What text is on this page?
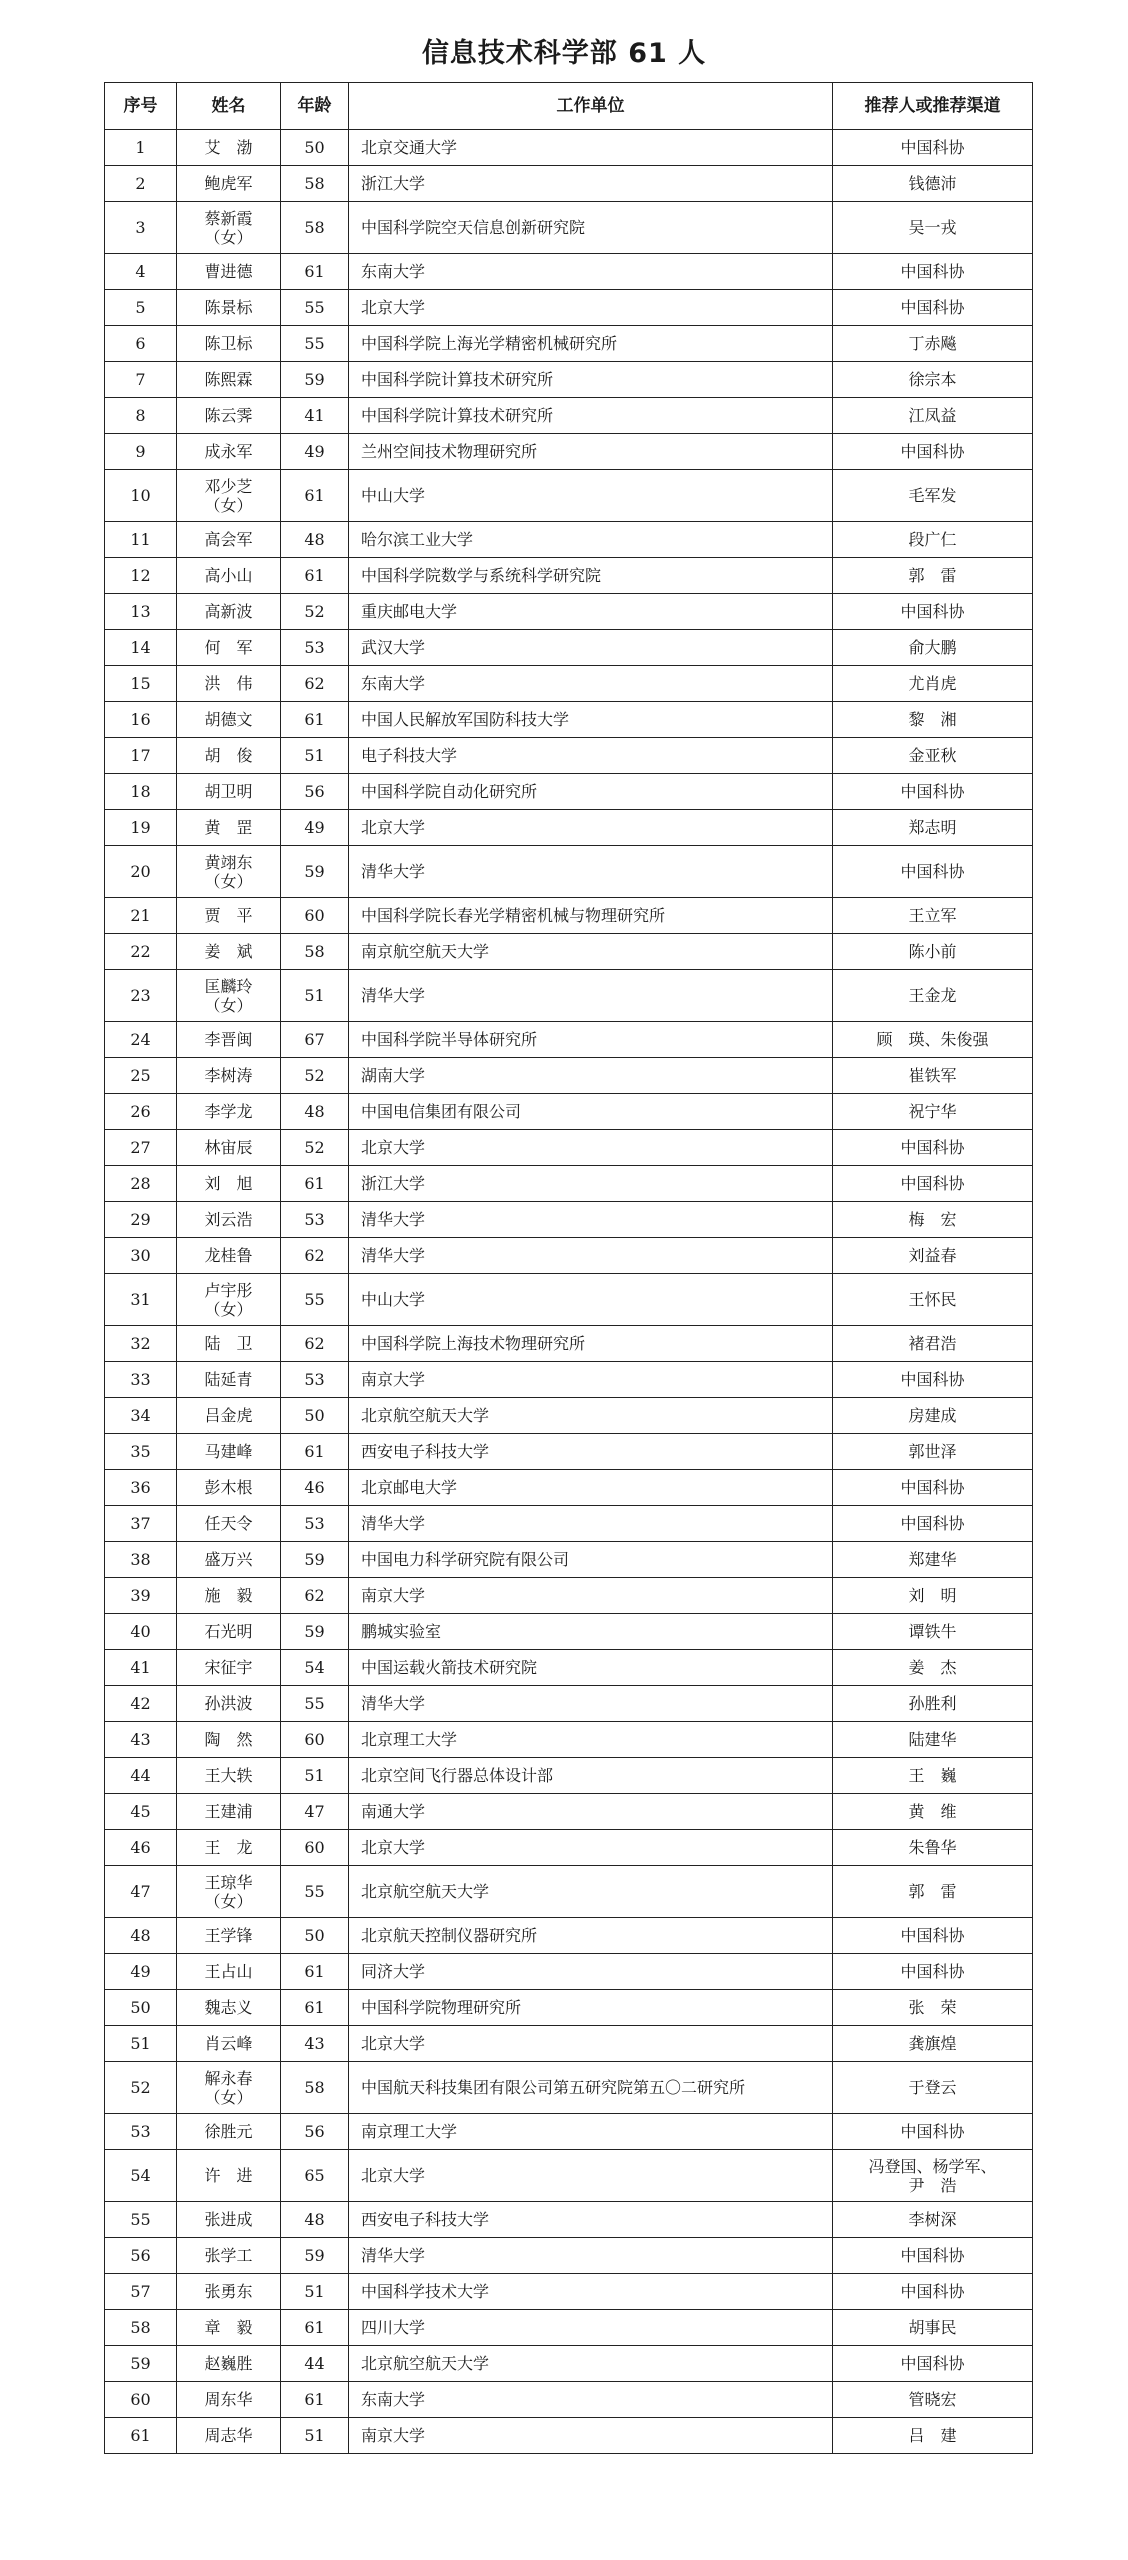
信息技术科学部 61 人
序号	姓名	年龄	工作单位	推荐人或推荐渠道
1	艾　渤	50	北京交通大学	中国科协
2	鲍虎军	58	浙江大学	钱德沛
3	蔡新霞
（女）	58	中国科学院空天信息创新研究院	吴一戎
4	曹进德	61	东南大学	中国科协
5	陈景标	55	北京大学	中国科协
6	陈卫标	55	中国科学院上海光学精密机械研究所	丁赤飚
7	陈熙霖	59	中国科学院计算技术研究所	徐宗本
8	陈云霁	41	中国科学院计算技术研究所	江凤益
9	成永军	49	兰州空间技术物理研究所	中国科协
10	邓少芝
（女）	61	中山大学	毛军发
11	高会军	48	哈尔滨工业大学	段广仁
12	高小山	61	中国科学院数学与系统科学研究院	郭　雷
13	高新波	52	重庆邮电大学	中国科协
14	何　军	53	武汉大学	俞大鹏
15	洪　伟	62	东南大学	尤肖虎
16	胡德文	61	中国人民解放军国防科技大学	黎　湘
17	胡　俊	51	电子科技大学	金亚秋
18	胡卫明	56	中国科学院自动化研究所	中国科协
19	黄　罡	49	北京大学	郑志明
20	黄翊东
（女）	59	清华大学	中国科协
21	贾　平	60	中国科学院长春光学精密机械与物理研究所	王立军
22	姜　斌	58	南京航空航天大学	陈小前
23	匡麟玲
（女）	51	清华大学	王金龙
24	李晋闽	67	中国科学院半导体研究所	顾　瑛、朱俊强
25	李树涛	52	湖南大学	崔铁军
26	李学龙	48	中国电信集团有限公司	祝宁华
27	林宙辰	52	北京大学	中国科协
28	刘　旭	61	浙江大学	中国科协
29	刘云浩	53	清华大学	梅　宏
30	龙桂鲁	62	清华大学	刘益春
31	卢宇彤
（女）	55	中山大学	王怀民
32	陆　卫	62	中国科学院上海技术物理研究所	褚君浩
33	陆延青	53	南京大学	中国科协
34	吕金虎	50	北京航空航天大学	房建成
35	马建峰	61	西安电子科技大学	郭世泽
36	彭木根	46	北京邮电大学	中国科协
37	任天令	53	清华大学	中国科协
38	盛万兴	59	中国电力科学研究院有限公司	郑建华
39	施　毅	62	南京大学	刘　明
40	石光明	59	鹏城实验室	谭铁牛
41	宋征宇	54	中国运载火箭技术研究院	姜　杰
42	孙洪波	55	清华大学	孙胜利
43	陶　然	60	北京理工大学	陆建华
44	王大轶	51	北京空间飞行器总体设计部	王　巍
45	王建浦	47	南通大学	黄　维
46	王　龙	60	北京大学	朱鲁华
47	王琼华
（女）	55	北京航空航天大学	郭　雷
48	王学锋	50	北京航天控制仪器研究所	中国科协
49	王占山	61	同济大学	中国科协
50	魏志义	61	中国科学院物理研究所	张　荣
51	肖云峰	43	北京大学	龚旗煌
52	解永春
（女）	58	中国航天科技集团有限公司第五研究院第五〇二研究所	于登云
53	徐胜元	56	南京理工大学	中国科协
54	许　进	65	北京大学	冯登国、杨学军、
尹　浩
55	张进成	48	西安电子科技大学	李树深
56	张学工	59	清华大学	中国科协
57	张勇东	51	中国科学技术大学	中国科协
58	章　毅	61	四川大学	胡事民
59	赵巍胜	44	北京航空航天大学	中国科协
60	周东华	61	东南大学	管晓宏
61	周志华	51	南京大学	吕　建
